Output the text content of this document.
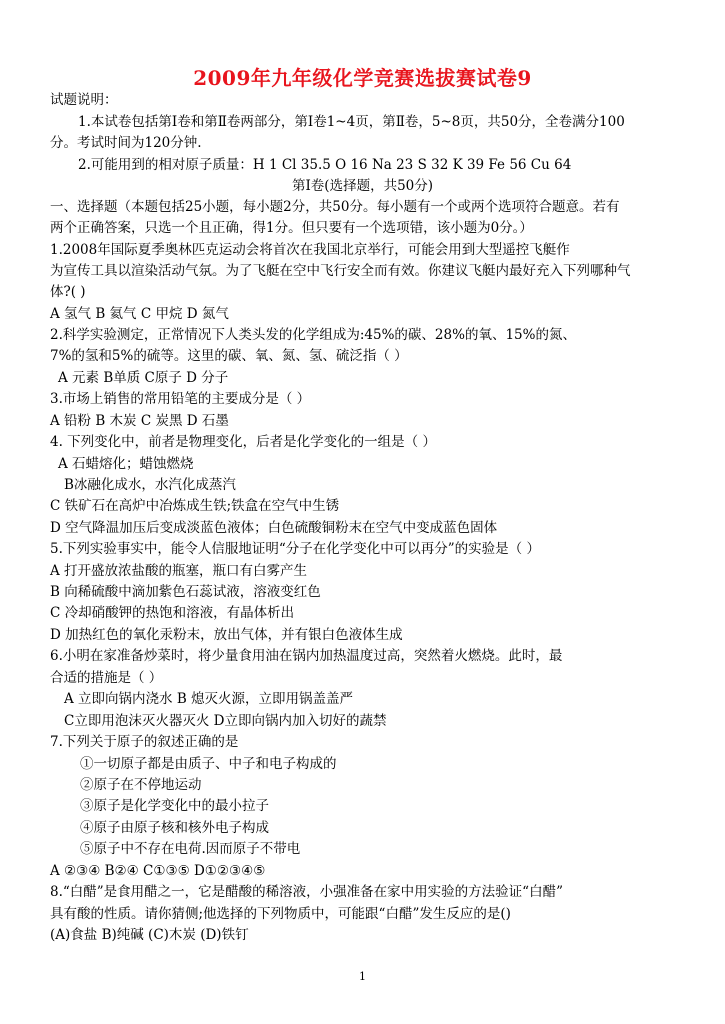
2009年九年级化学竞赛选拔赛试卷9
试题说明：
1.本试卷包括第Ⅰ卷和第Ⅱ卷两部分，第Ⅰ卷1~4页，第Ⅱ卷，5~8页，共50分，全卷满分100
分。考试时间为120分钟.
2.可能用到的相对原子质量：H 1 Cl 35.5 O 16 Na 23 S 32 K 39 Fe 56 Cu 64
第Ⅰ卷(选择题，共50分)
一、选择题（本题包括25小题，每小题2分，共50分。每小题有一个或两个选项符合题意。若有
两个正确答案，只选一个且正确，得1分。但只要有一个选项错，该小题为0分。）
1.2008年国际夏季奥林匹克运动会将首次在我国北京举行，可能会用到大型遥控飞艇作
为宣传工具以渲染活动气氛。为了飞艇在空中飞行安全而有效。你建议飞艇内最好充入下列哪种气
体?( )
A 氢气 B 氦气 C 甲烷 D 氮气
2.科学实验测定，正常情况下人类头发的化学组成为:45%的碳、28%的氧、15%的氮、
7%的氢和5%的硫等。这里的碳、氧、氮、氢、硫泛指（ ）
A 元素 B单质 C原子 D 分子
3.市场上销售的常用铅笔的主要成分是（ ）
A 铅粉 B 木炭 C 炭黑 D 石墨
4. 下列变化中，前者是物理变化，后者是化学变化的一组是（ ）
A 石蜡熔化；蜡蚀燃烧
B冰融化成水，水汽化成蒸汽
C 铁矿石在高炉中冶炼成生铁;铁盒在空气中生锈
D 空气降温加压后变成淡蓝色液体；白色硫酸铜粉末在空气中变成蓝色固体
5.下列实验事实中，能令人信服地证明“分子在化学变化中可以再分”的实验是（ ）
A 打开盛放浓盐酸的瓶塞，瓶口有白雾产生
B 向稀硫酸中滴加紫色石蕊试液，溶液变红色
C 冷却硝酸钾的热饱和溶液，有晶体析出
D 加热红色的氧化汞粉末，放出气体，并有银白色液体生成
6.小明在家准备炒菜时，将少量食用油在锅内加热温度过高，突然着火燃烧。此时，最
合适的措施是（ ）
A 立即向锅内浇水 B 熄灭火源，立即用锅盖盖严
C立即用泡沫灭火器灭火 D立即向锅内加入切好的蔬禁
7.下列关于原子的叙述正确的是
①一切原子都是由质子、中子和电子构成的
②原子在不停地运动
③原子是化学变化中的最小拉子
④原子由原子核和核外电子构成
⑤原子中不存在电荷.因而原子不带电
A ②③④ B②④ C①③⑤ D①②③④⑤
8.“白醋”是食用醋之一，它是醋酸的稀溶液，小强准备在家中用实验的方法验证“白醋”
具有酸的性质。请你猜侧;他选择的下列物质中，可能跟“白醋”发生反应的是()
(A)食盐 B)纯碱 (C)木炭 (D)铁钉
1
